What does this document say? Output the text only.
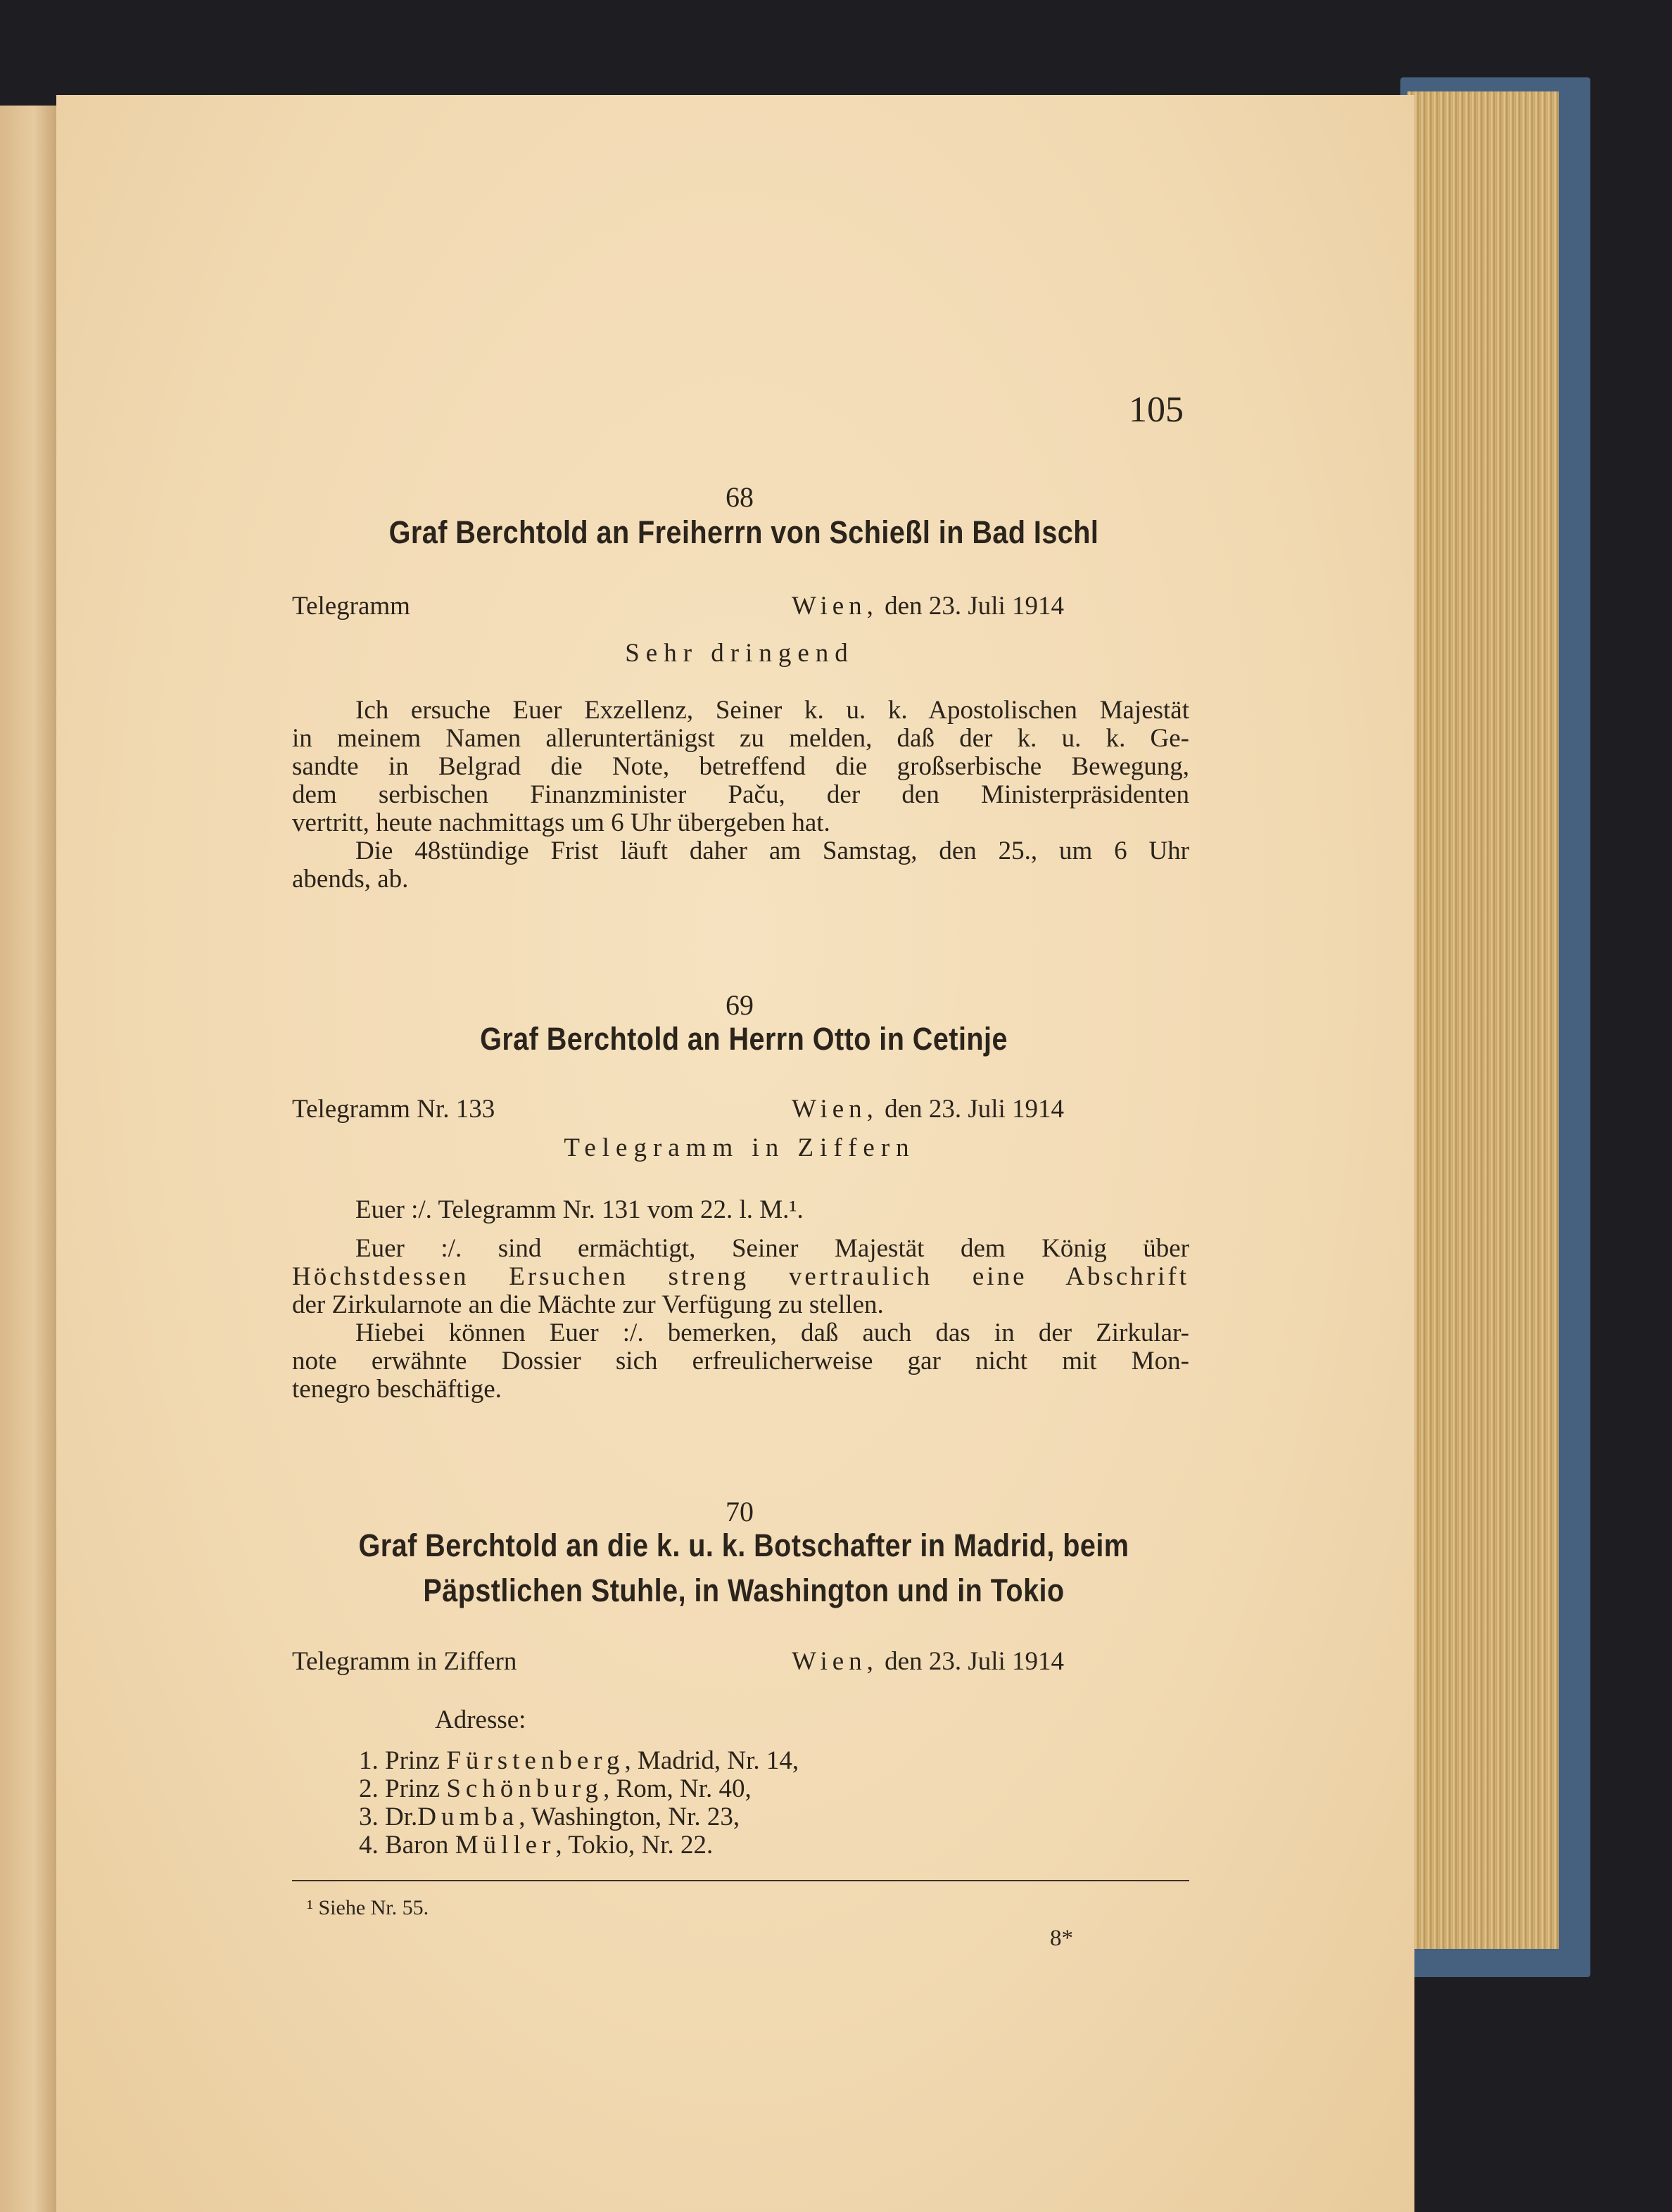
105
68
Graf Berchtold an Freiherrn von Schießl in Bad Ischl
Telegramm	Wien, den 23. Juli 1914
Sehr dringend
Ich ersuche Euer Exzellenz, Seiner k. u. k. Apostolischen Majestät
in meinem Namen alleruntertänigst zu melden, daß der k. u. k. Ge-
sandte in Belgrad die Note, betreffend die großserbische Bewegung,
dem serbischen Finanzminister Paču, der den Ministerpräsidenten
vertritt, heute nachmittags um 6 Uhr übergeben hat.
Die 48stündige Frist läuft daher am Samstag, den 25., um 6 Uhr
abends, ab.
69
Graf Berchtold an Herrn Otto in Cetinje
Telegramm Nr. 133	Wien, den 23. Juli 1914
Telegramm in Ziffern
Euer :/. Telegramm Nr. 131 vom 22. l. M.¹.
Euer :/. sind ermächtigt, Seiner Majestät dem König über
Höchstdessen Ersuchen streng vertraulich eine Abschrift
der Zirkularnote an die Mächte zur Verfügung zu stellen.
Hiebei können Euer :/. bemerken, daß auch das in der Zirkular-
note erwähnte Dossier sich erfreulicherweise gar nicht mit Mon-
tenegro beschäftige.
70
Graf Berchtold an die k. u. k. Botschafter in Madrid, beim
Päpstlichen Stuhle, in Washington und in Tokio
Telegramm in Ziffern	Wien, den 23. Juli 1914
Adresse:
1. Prinz Fürstenberg, Madrid, Nr. 14,
2. Prinz Schönburg, Rom, Nr. 40,
3. Dr.Dumba, Washington, Nr. 23,
4. Baron Müller, Tokio, Nr. 22.
¹ Siehe Nr. 55.
8*
